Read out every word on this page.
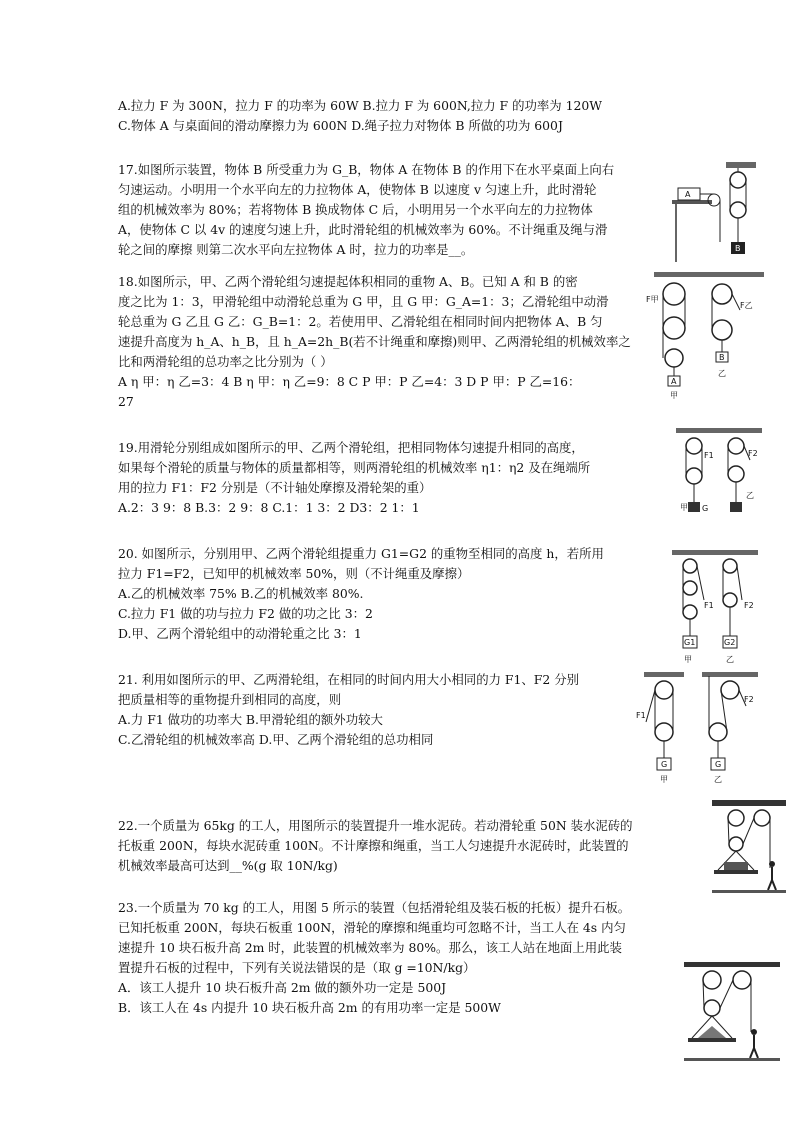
A.拉力 F 为 300N，拉力 F 的功率为 60W B.拉力 F 为 600N,拉力 F 的功率为 120W

C.物体 A 与桌面间的滑动摩擦力为 600N D.绳子拉力对物体 B 所做的功为 600J

17.如图所示装置，物体 B 所受重力为 G_B，物体 A 在物体 B 的作用下在水平桌面上向右

匀速运动。小明用一个水平向左的力拉物体 A，使物体 B 以速度 v 匀速上升，此时滑轮

组的机械效率为 80%；若将物体 B 换成物体 C 后，小明用另一个水平向左的力拉物体

A，使物体 C 以 4v 的速度匀速上升，此时滑轮组的机械效率为 60%。不计绳重及绳与滑

轮之间的摩擦 则第二次水平向左拉物体 A 时，拉力的功率是__。

A
B

18.如图所示，甲、乙两个滑轮组匀速提起体积相同的重物 A、B。已知 A 和 B 的密

度之比为 1：3，甲滑轮组中动滑轮总重为 G 甲，且 G 甲：G_A=1：3；乙滑轮组中动滑

轮总重为 G 乙且 G 乙：G_B=1：2。若使用甲、乙滑轮组在相同时间内把物体 A、B 匀

速提升高度为 h_A、h_B，且 h_A=2h_B(若不计绳重和摩擦)则甲、乙两滑轮组的机械效率之

比和两滑轮组的总功率之比分别为（ ）

A η 甲：η 乙=3：4 B η 甲：η 乙=9：8 C P 甲：P 乙=4：3 D P 甲：P 乙=16：

27

A
F甲
甲
B
F乙
乙

19.用滑轮分别组成如图所示的甲、乙两个滑轮组，把相同物体匀速提升相同的高度，

如果每个滑轮的质量与物体的质量都相等，则两滑轮组的机械效率 η1：η2 及在绳端所

用的拉力 F1：F2 分别是（不计轴处摩擦及滑轮架的重）

A.2：3 9：8 B.3：2 9：8 C.1：1 3：2 D3：2 1：1	G
F1
甲
F2
乙

20. 如图所示，分别用甲、乙两个滑轮组提重力 G1=G2 的重物至相同的高度 h，若所用

拉力 F1=F2，已知甲的机械效率 50%，则（不计绳重及摩擦）

A.乙的机械效率 75% B.乙的机械效率 80%.

C.拉力 F1 做的功与拉力 F2 做的功之比 3：2

D.甲、乙两个滑轮组中的动滑轮重之比 3：1

G1
F1
甲
G2
F2
乙

21. 利用如图所示的甲、乙两滑轮组，在相同的时间内用大小相同的力 F1、F2 分别

把质量相等的重物提升到相同的高度，则

A.力 F1 做功的功率大 B.甲滑轮组的额外功较大

C.乙滑轮组的机械效率高 D.甲、乙两个滑轮组的总功相同

G
F1
甲
G
F2
乙

22.一个质量为 65kg 的工人，用图所示的装置提升一堆水泥砖。若动滑轮重 50N 装水泥砖的

托板重 200N，每块水泥砖重 100N。不计摩擦和绳重，当工人匀速提升水泥砖时，此装置的

机械效率最高可达到__%(g 取 10N/kg)

23.一个质量为 70 kg 的工人，用图 5 所示的装置（包括滑轮组及装石板的托板）提升石板。

已知托板重 200N，每块石板重 100N，滑轮的摩擦和绳重均可忽略不计，当工人在 4s 内匀

速提升 10 块石板升高 2m 时，此装置的机械效率为 80%。那么，该工人站在地面上用此装

置提升石板的过程中，下列有关说法错误的是（取 g =10N/kg）

A．该工人提升 10 块石板升高 2m 做的额外功一定是 500J

B．该工人在 4s 内提升 10 块石板升高 2m 的有用功率一定是 500W
